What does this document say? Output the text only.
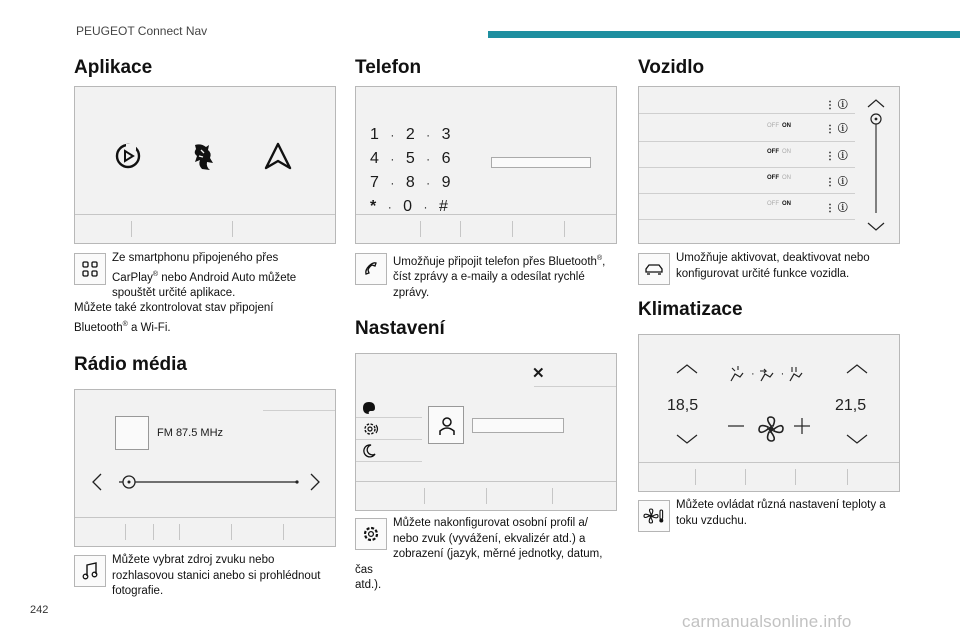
PEUGEOT Connect Nav
Aplikace
Ze smartphonu připojeného přes
CarPlay® nebo Android Auto můžete
spouštět určité aplikace.
Můžete také zkontrolovat stav připojení
Bluetooth® a Wi-Fi.
Rádio média
FM 87.5 MHz
Můžete vybrat zdroj zvuku nebo
rozhlasovou stanici anebo si prohlédnout
fotografie.
Telefon
1 · 2 · 3
4 · 5 · 6
7 · 8 · 9
* · 0 · #
Umožňuje připojit telefon přes Bluetooth®,
číst zprávy a e-maily a odesílat rychlé
zprávy.
Nastavení
✕
Můžete nakonfigurovat osobní profil a/
nebo zvuk (vyvážení, ekvalizér atd.) a
zobrazení (jazyk, měrné jednotky, datum, čas
atd.).
Vozidlo
⋮ ⓘ
OFF ON	⋮ ⓘ
OFF ON	⋮ ⓘ
OFF ON	⋮ ⓘ
OFF ON	⋮ ⓘ
Umožňuje aktivovat, deaktivovat nebo
konfigurovat určité funkce vozidla.
Klimatizace
· ·
18,5	21,5
Můžete ovládat různá nastavení teploty a
toku vzduchu.
242
carmanualsonline.info
